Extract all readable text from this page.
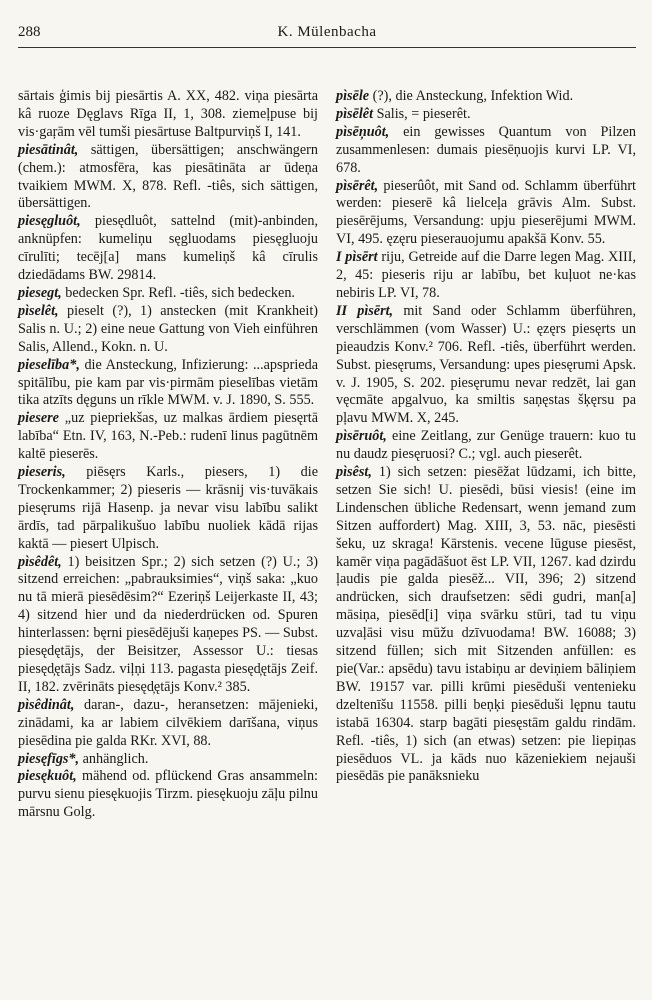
288	K. Mülenbacha

sārtais ģimis bij piesārtis A. XX, 482. viņa piesārta kâ ruoze Dęglavs Rīga II, 1, 308. ziemeļpuse bij vis·gaŗām vēl tumši piesārtuse Baltpurviņš I, 141.

piesātinât, sättigen, übersättigen; anschwängern (chem.): atmosfēra, kas piesātināta ar ūdeņa tvaikiem MWM. X, 878. Refl. -tiês, sich sättigen, übersättigen.

piesęgluôt, piesędluôt, sattelnd (mit)-anbinden, anknüpfen: kumeliņu sęgluodams piesęgluoju cīrulīti; tecēj[a] mans kumeliņš kâ cīrulis dziedādams BW. 29814.

piesegt, bedecken Spr. Refl. -tiês, sich bedecken.

pìselêt, pieselt (?), 1) anstecken (mit Krankheit) Salis n. U.; 2) eine neue Gattung von Vieh einführen Salis, Allend., Kokn. n. U.

pieselība*, die Ansteckung, Infizierung: ...apsprieda spitālību, pie kam par vis·pirmām pieselības vietām tika atzīts dęguns un rīkle MWM. v. J. 1890, S. 555.

piesere „uz piepriekšas, uz malkas ārdiem piesęrtā labība“ Etn. IV, 163, N.-Peb.: rudenī linus pagūtnēm kaltē pieserēs.

pieseris, piēsęrs Karls., piesers, 1) die Trockenkammer; 2) pieseris — krāsnij vis·tuvākais piesęrums rijā Hasenp. ja nevar visu labību salikt ārdīs, tad pārpalikušuo labību nuoliek kādā rijas kaktā — piesert Ulpisch.

pìsêdêt, 1) beisitzen Spr.; 2) sich setzen (?) U.; 3) sitzend erreichen: „pabrauksimies“, viņš saka: „kuo nu tā mierā piesēdēsim?“ Ezeriņš Leijerkaste II, 43; 4) sitzend hier und da niederdrücken od. Spuren hinterlassen: bęrni piesēdējuši kaņepes PS. — Subst. piesędętājs, der Beisitzer, Assessor U.: tiesas piesęd̦ętājs Sadz. viļņi 113. pagasta piesęd̦ętājs Zeif. II, 182. zvērināts piesęd̦ętājs Konv.² 385.

pìsêdinât, daran-, dazu-, heransetzen: mājenieki, zinādami, ka ar labiem cilvēkiem darīšana, viņus piesēdina pie galda RKr. XVI, 88.

piesęfīgs*, anhänglich.

piesękuôt, mähend od. pflückend Gras ansammeln: purvu sienu piesękuojis Tirzm. piesękuoju zāļu pilnu mārsnu Golg.

pìsēle (?), die Ansteckung, Infektion Wid.

pìsēlêt Salis, = pieserêt.

pìsēņuôt, ein gewisses Quantum von Pilzen zusammenlesen: dumais piesēņuojis kurvi LP. VI, 678.

pìsērêt, pieserûôt, mit Sand od. Schlamm überführt werden: pieserē kâ lielceļa grāvis Alm. Subst. piesērējums, Versandung: upju pieserējumi MWM. VI, 495. ęzęru pieserauojumu apakšā Konv. 55.

I pìsērt riju, Getreide auf die Darre legen Mag. XIII, 2, 45: pieseris riju ar labību, bet kuļuot ne·kas nebiris LP. VI, 78.

II pìsērt, mit Sand oder Schlamm überführen, verschlämmen (vom Wasser) U.: ęzęrs piesęrts un pieaudzis Konv.² 706. Refl. -tiês, überführt werden. Subst. piesęrums, Versandung: upes piesęrumi Apsk. v. J. 1905, S. 202. piesęrumu nevar redzēt, lai gan vęcmāte apgalvuo, ka smiltis saņęstas šķęrsu pa pļavu MWM. X, 245.

pìsēruôt, eine Zeitlang, zur Genüge trauern: kuo tu nu daudz piesęruosi? C.; vgl. auch pieserêt.

pìsêst, 1) sich setzen: piesēžat lūdzami, ich bitte, setzen Sie sich! U. piesēdi, būsi viesis! (eine im Lindenschen übliche Redensart, wenn jemand zum Sitzen auffordert) Mag. XIII, 3, 53. nāc, piesēsti šeku, uz skraga! Kārstenis. vecene lūguse piesēst, kamēr viņa pagādāšuot ēst LP. VII, 1267. kad dzirdu ļaudis pie galda piesēž... VII, 396; 2) sitzend andrücken, sich draufsetzen: sēdi gudri, man[a] māsiņa, piesēd[i] viņa svārku stūri, tad tu viņu uzvaļāsi visu mūžu dzīvuodama! BW. 16088; 3) sitzend füllen; sich mit Sitzenden anfüllen: es pie(Var.: apsēdu) tavu istabiņu ar deviņiem bāliņiem BW. 19157 var. pilli krūmi piesēduši ventenieku dzeltenīšu 11558. pilli beņķi piesēduši lępnu tautu istabā 16304. starp bagāti piesęstām galdu rindām. Refl. -tiês, 1) sich (an etwas) setzen: pie liepiņas piesēduos VL. ja kāds nuo kāzeniekiem nejauši piesēdās pie panāksnieku
